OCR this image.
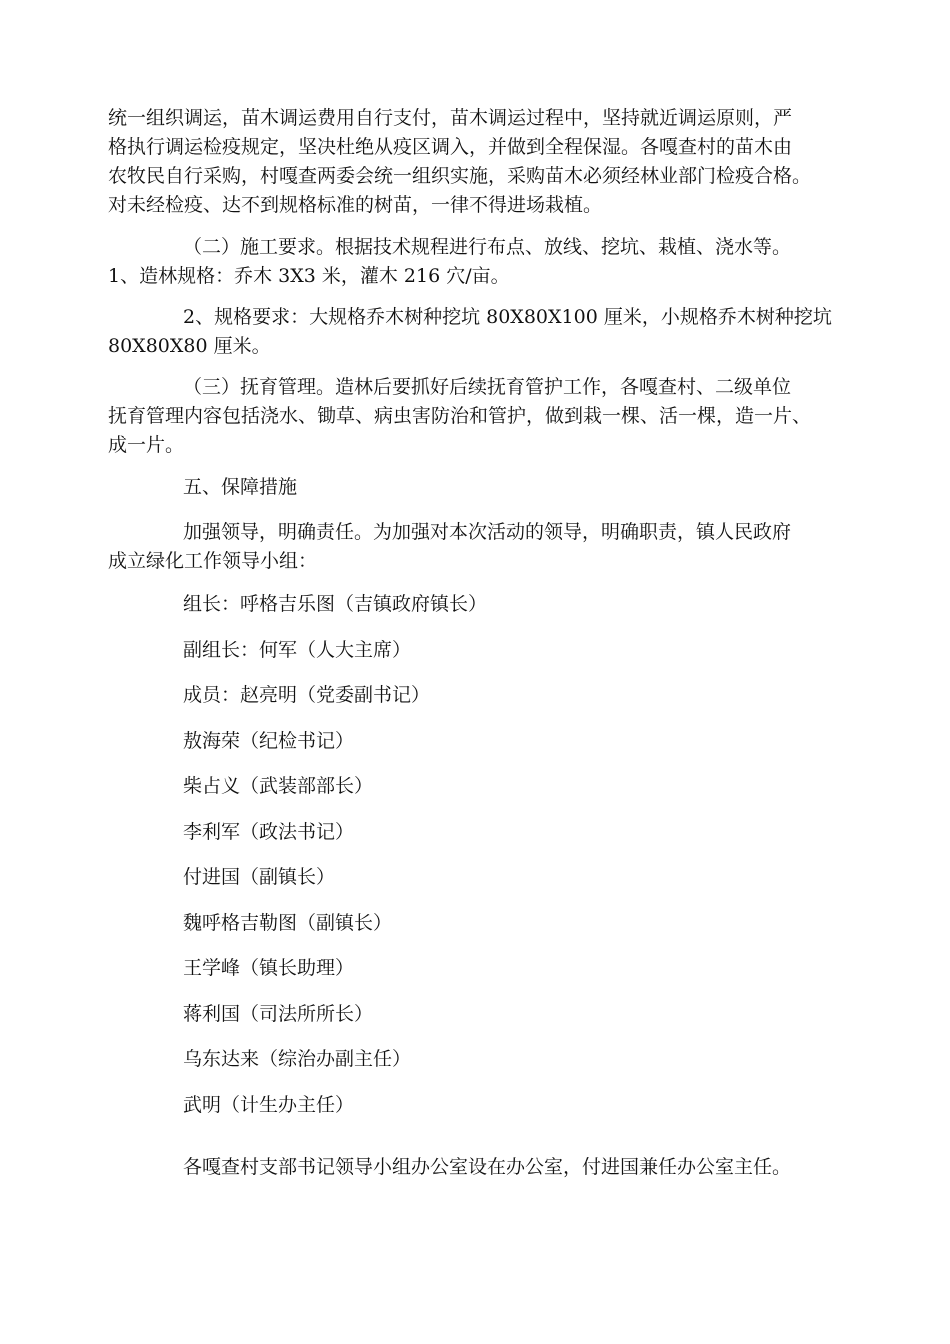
统一组织调运，苗木调运费用自行支付，苗木调运过程中，坚持就近调运原则，严
格执行调运检疫规定，坚决杜绝从疫区调入，并做到全程保湿。各嘎查村的苗木由
农牧民自行采购，村嘎查两委会统一组织实施，采购苗木必须经林业部门检疫合格。
对未经检疫、达不到规格标准的树苗，一律不得进场栽植。

（二）施工要求。根据技术规程进行布点、放线、挖坑、栽植、浇水等。
1、造林规格：乔木 3X3 米，灌木 216 穴/亩。

2、规格要求：大规格乔木树种挖坑 80X80X100 厘米，小规格乔木树种挖坑
80X80X80 厘米。

（三）抚育管理。造林后要抓好后续抚育管护工作，各嘎查村、二级单位
抚育管理内容包括浇水、锄草、病虫害防治和管护，做到栽一棵、活一棵，造一片、
成一片。

五、保障措施

加强领导，明确责任。为加强对本次活动的领导，明确职责，镇人民政府
成立绿化工作领导小组：

组长：呼格吉乐图（吉镇政府镇长）

副组长：何军（人大主席）

成员：赵亮明（党委副书记）

敖海荣（纪检书记）

柴占义（武装部部长）

李利军（政法书记）

付进国（副镇长）

魏呼格吉勒图（副镇长）

王学峰（镇长助理）

蒋利国（司法所所长）

乌东达来（综治办副主任）

武明（计生办主任）

各嘎查村支部书记领导小组办公室设在办公室，付进国兼任办公室主任。
